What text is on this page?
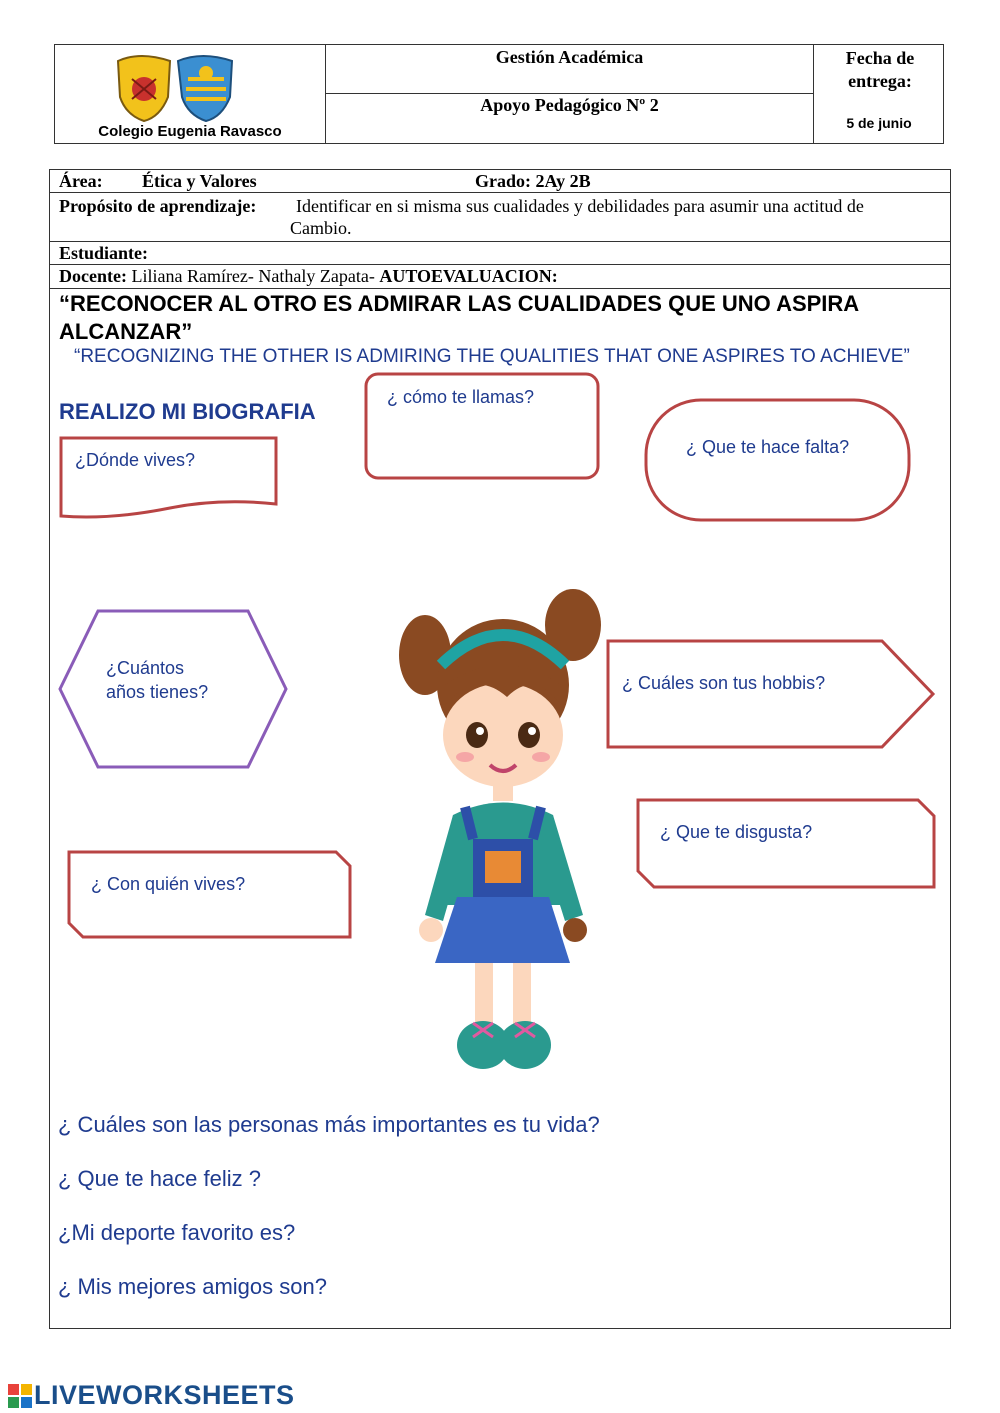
Colegio Eugenia Ravasco
Gestión Académica
Apoyo Pedagógico Nº 2
Fecha de entrega:
5 de junio
Área: Ética y Valores	Grado: 2Ay 2B
Propósito de aprendizaje: Identificar en si misma sus cualidades y debilidades para asumir una actitud de
Cambio.
Estudiante:
Docente: Liliana Ramírez- Nathaly Zapata- AUTOEVALUACION:
“RECONOCER AL OTRO ES ADMIRAR LAS CUALIDADES QUE UNO ASPIRA
ALCANZAR”
“RECOGNIZING THE OTHER IS ADMIRING THE QUALITIES THAT ONE ASPIRES TO ACHIEVE”
REALIZO MI BIOGRAFIA
¿ cómo te llamas?
¿Dónde vives?
¿ Que te hace falta?
¿Cuántos
años tienes?	¿ Cuáles son tus hobbis?
¿ Que te disgusta?
¿ Con quién vives?
¿ Cuáles son las personas más importantes es tu vida?
¿ Que te hace feliz ?
¿Mi deporte favorito es?
¿ Mis mejores amigos son?
LIVEWORKSHEETS
